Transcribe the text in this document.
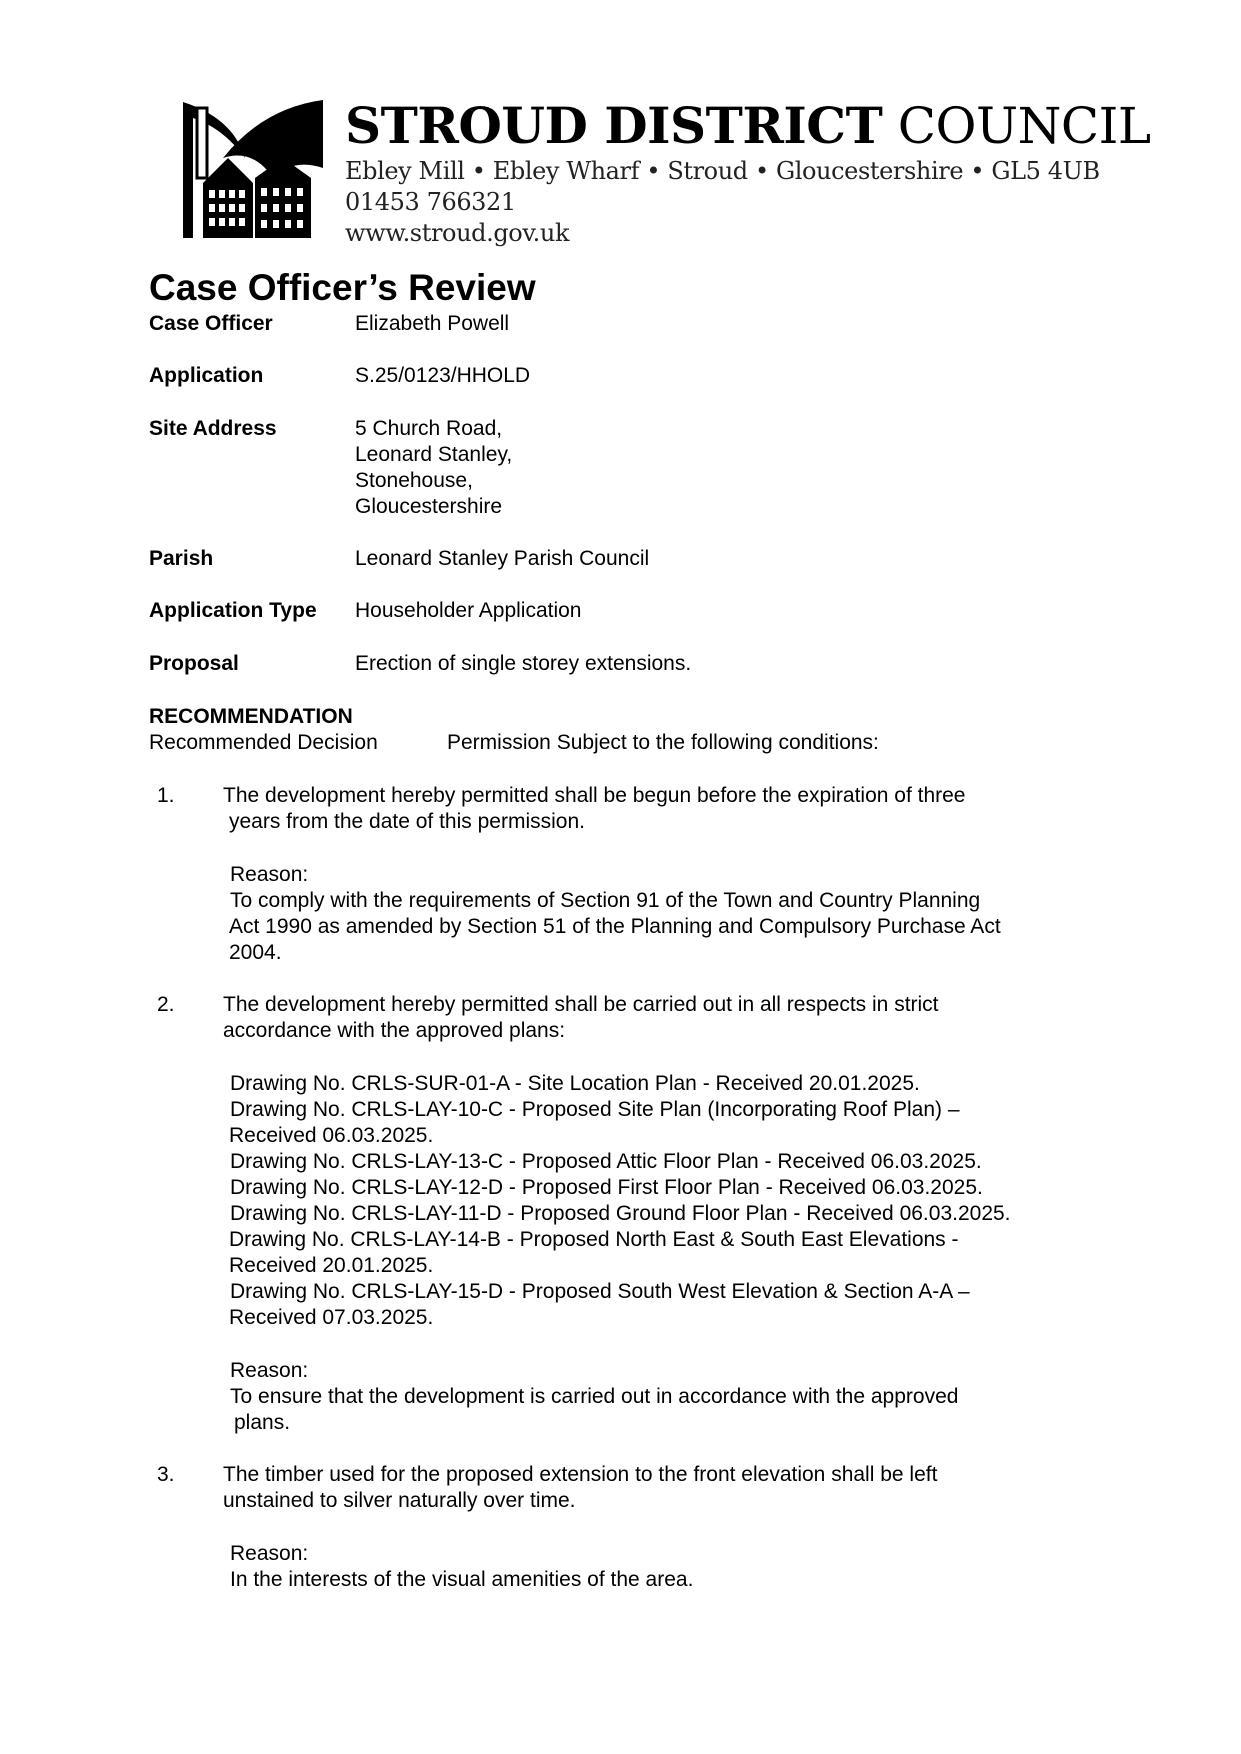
STROUD DISTRICT COUNCIL
Ebley Mill • Ebley Wharf • Stroud • Gloucestershire • GL5 4UB
01453 766321
www.stroud.gov.uk
Case Officer’s Review
Case Officer	Elizabeth Powell
Application	S.25/0123/HHOLD
Site Address	5 Church Road,
Leonard Stanley,
Stonehouse,
Gloucestershire
Parish	Leonard Stanley Parish Council
Application Type Householder Application
Proposal	Erection of single storey extensions.
RECOMMENDATION
Recommended Decision	Permission Subject to the following conditions:
1. The development hereby permitted shall be begun before the expiration of three
years from the date of this permission.
Reason:
To comply with the requirements of Section 91 of the Town and Country Planning
Act 1990 as amended by Section 51 of the Planning and Compulsory Purchase Act
2004.
2. The development hereby permitted shall be carried out in all respects in strict
accordance with the approved plans:
Drawing No. CRLS-SUR-01-A - Site Location Plan - Received 20.01.2025.
Drawing No. CRLS-LAY-10-C - Proposed Site Plan (Incorporating Roof Plan) –
Received 06.03.2025.
Drawing No. CRLS-LAY-13-C - Proposed Attic Floor Plan - Received 06.03.2025.
Drawing No. CRLS-LAY-12-D - Proposed First Floor Plan - Received 06.03.2025.
Drawing No. CRLS-LAY-11-D - Proposed Ground Floor Plan - Received 06.03.2025.
Drawing No. CRLS-LAY-14-B - Proposed North East & South East Elevations -
Received 20.01.2025.
Drawing No. CRLS-LAY-15-D - Proposed South West Elevation & Section A-A –
Received 07.03.2025.
Reason:
To ensure that the development is carried out in accordance with the approved
plans.
3. The timber used for the proposed extension to the front elevation shall be left
unstained to silver naturally over time.
Reason:
In the interests of the visual amenities of the area.
